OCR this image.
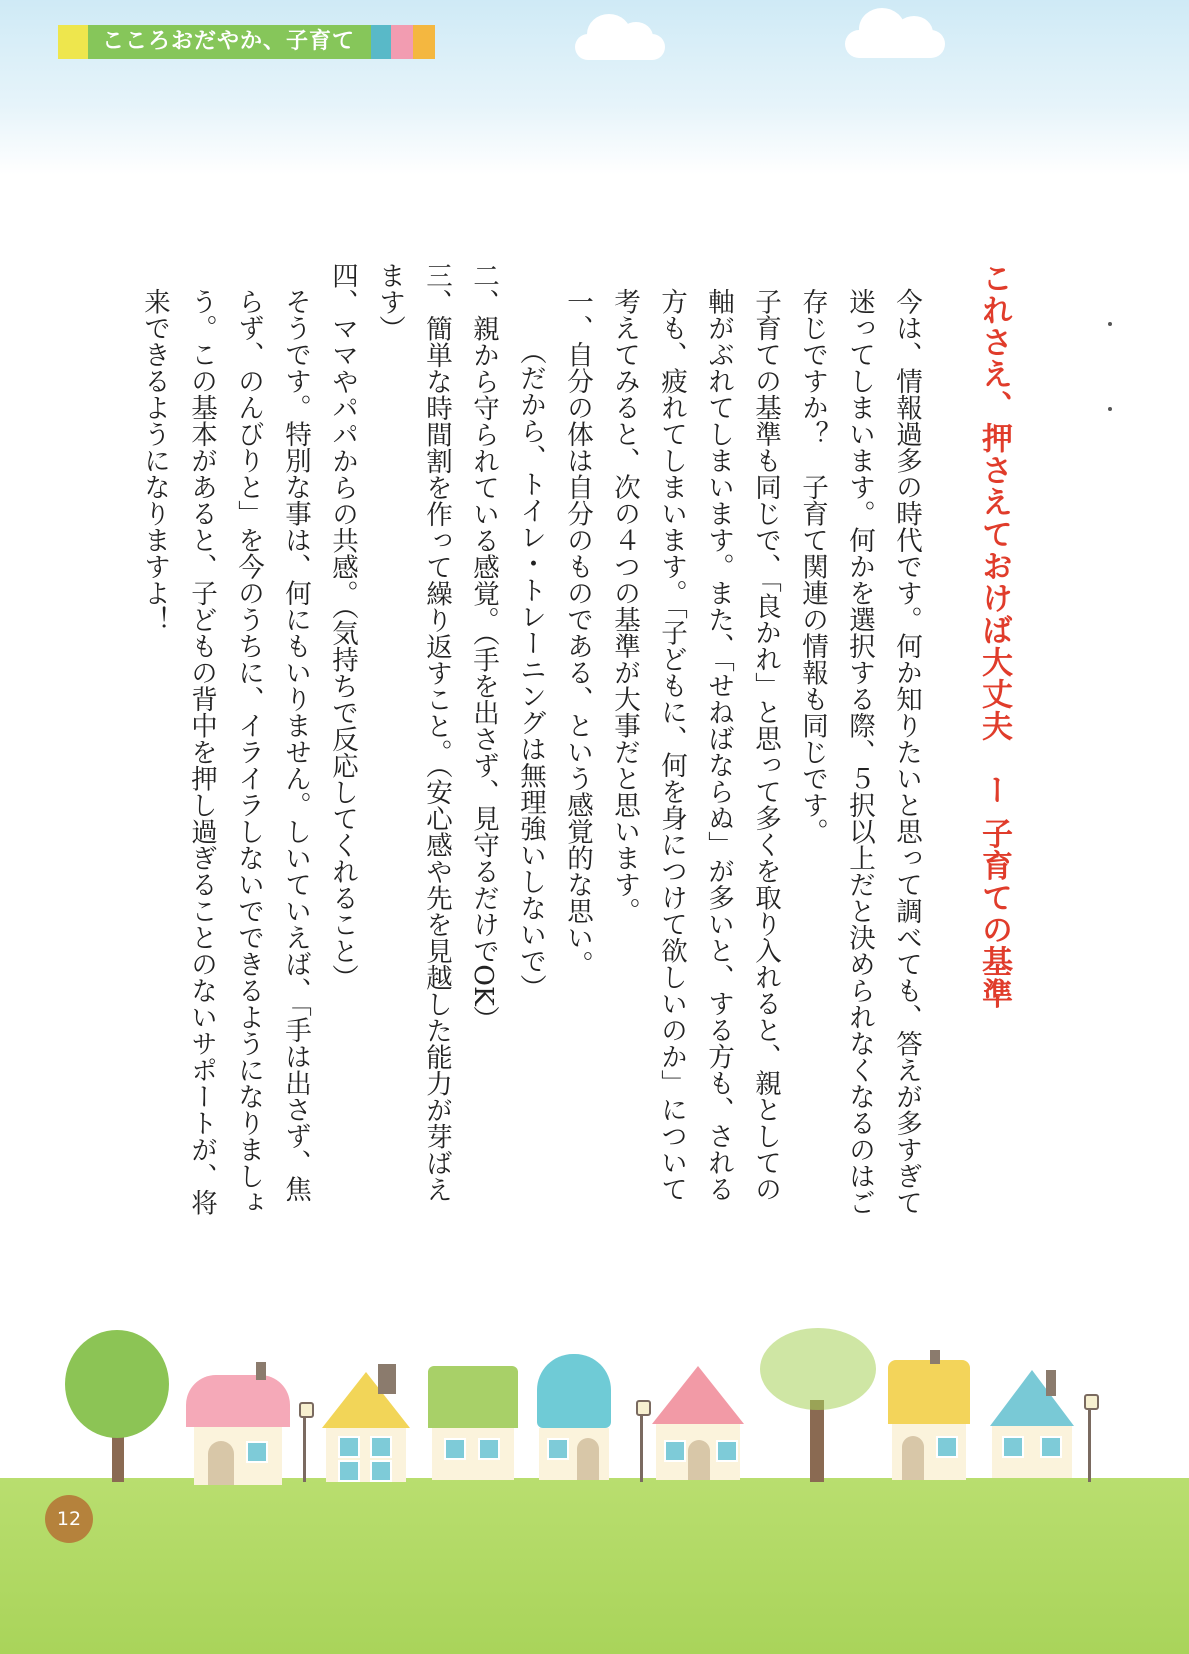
こころおだやか、子育て

これさえ、押さえておけば大丈夫　ー 子育ての基準

今は、情報過多の時代です。何か知りたいと思って調べても、答えが多すぎて迷ってしまいます。何かを選択する際、５択以上だと決められなくなるのはご存じですか？　子育て関連の情報も同じです。

子育ての基準も同じで、「良かれ」と思って多くを取り入れると、親としての軸がぶれてしまいます。また、「せねばならぬ」が多いと、する方も、される方も、疲れてしまいます。「子どもに、何を身につけて欲しいのか」について考えてみると、次の４つの基準が大事だと思います。

一、自分の体は自分のものである、という感覚的な思い。

（だから、トイレ・トレーニングは無理強いしないで）

二、親から守られている感覚。（手を出さず、見守るだけでOK）

三、簡単な時間割を作って繰り返すこと。（安心感や先を見越した能力が芽ばえます）

四、ママやパパからの共感。（気持ちで反応してくれること）

そうです。特別な事は、何にもいりません。しいていえば、「手は出さず、焦らず、のんびりと」を今のうちに、イライラしないでできるようになりましょう。この基本があると、子どもの背中を押し過ぎることのないサポートが、将来できるようになりますよ！

12
